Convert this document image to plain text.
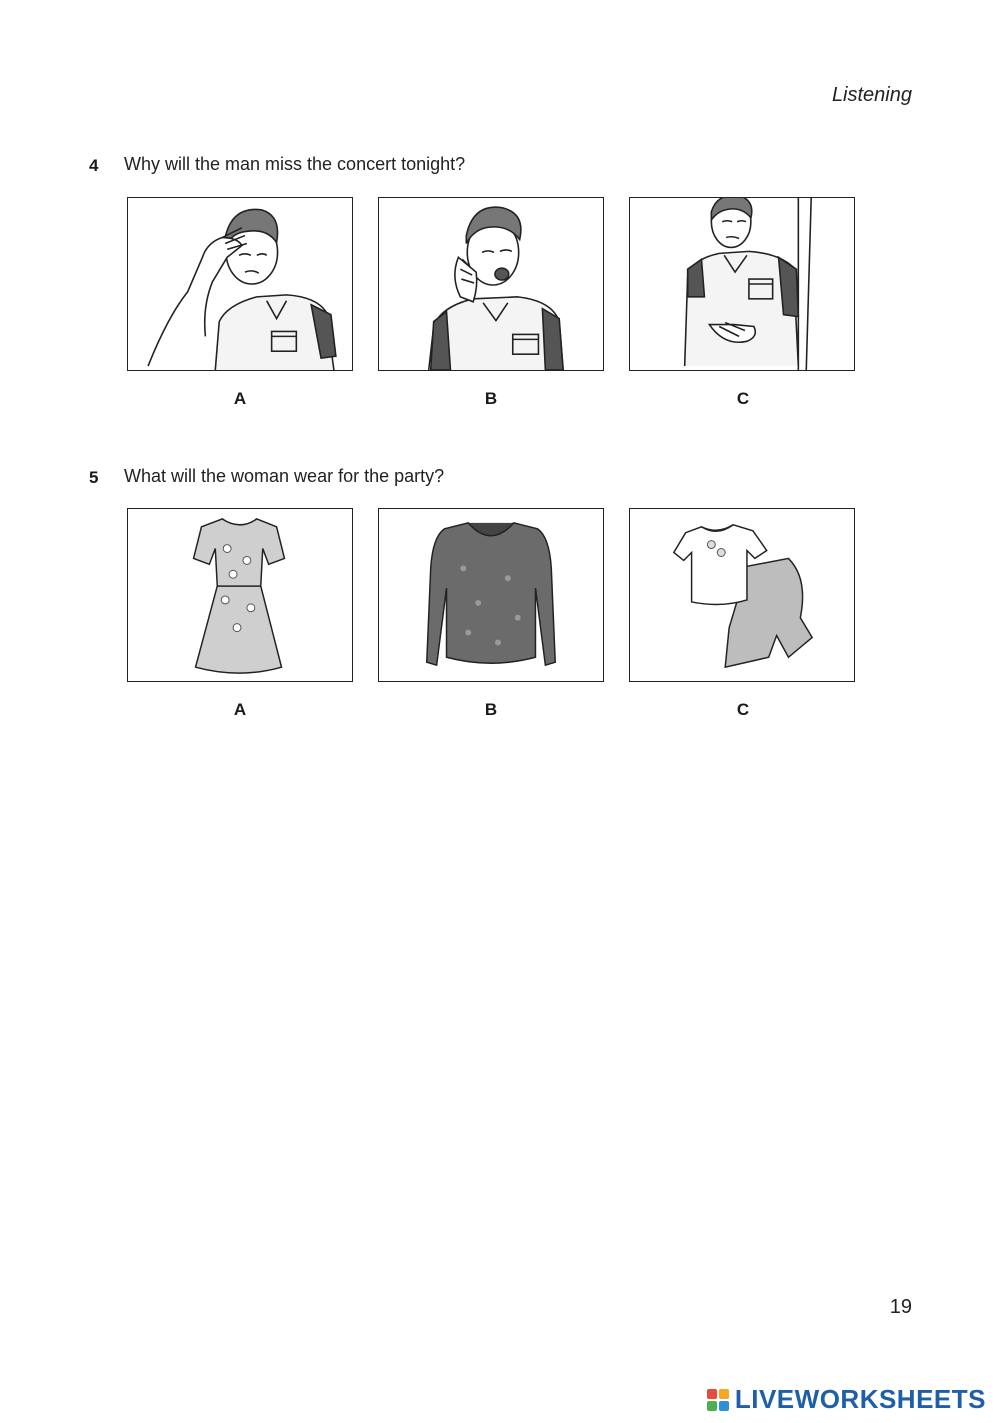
Listening
4 Why will the man miss the concert tonight?
A	B	C
5 What will the woman wear for the party?
A	B	C
19
LIVEWORKSHEETS
